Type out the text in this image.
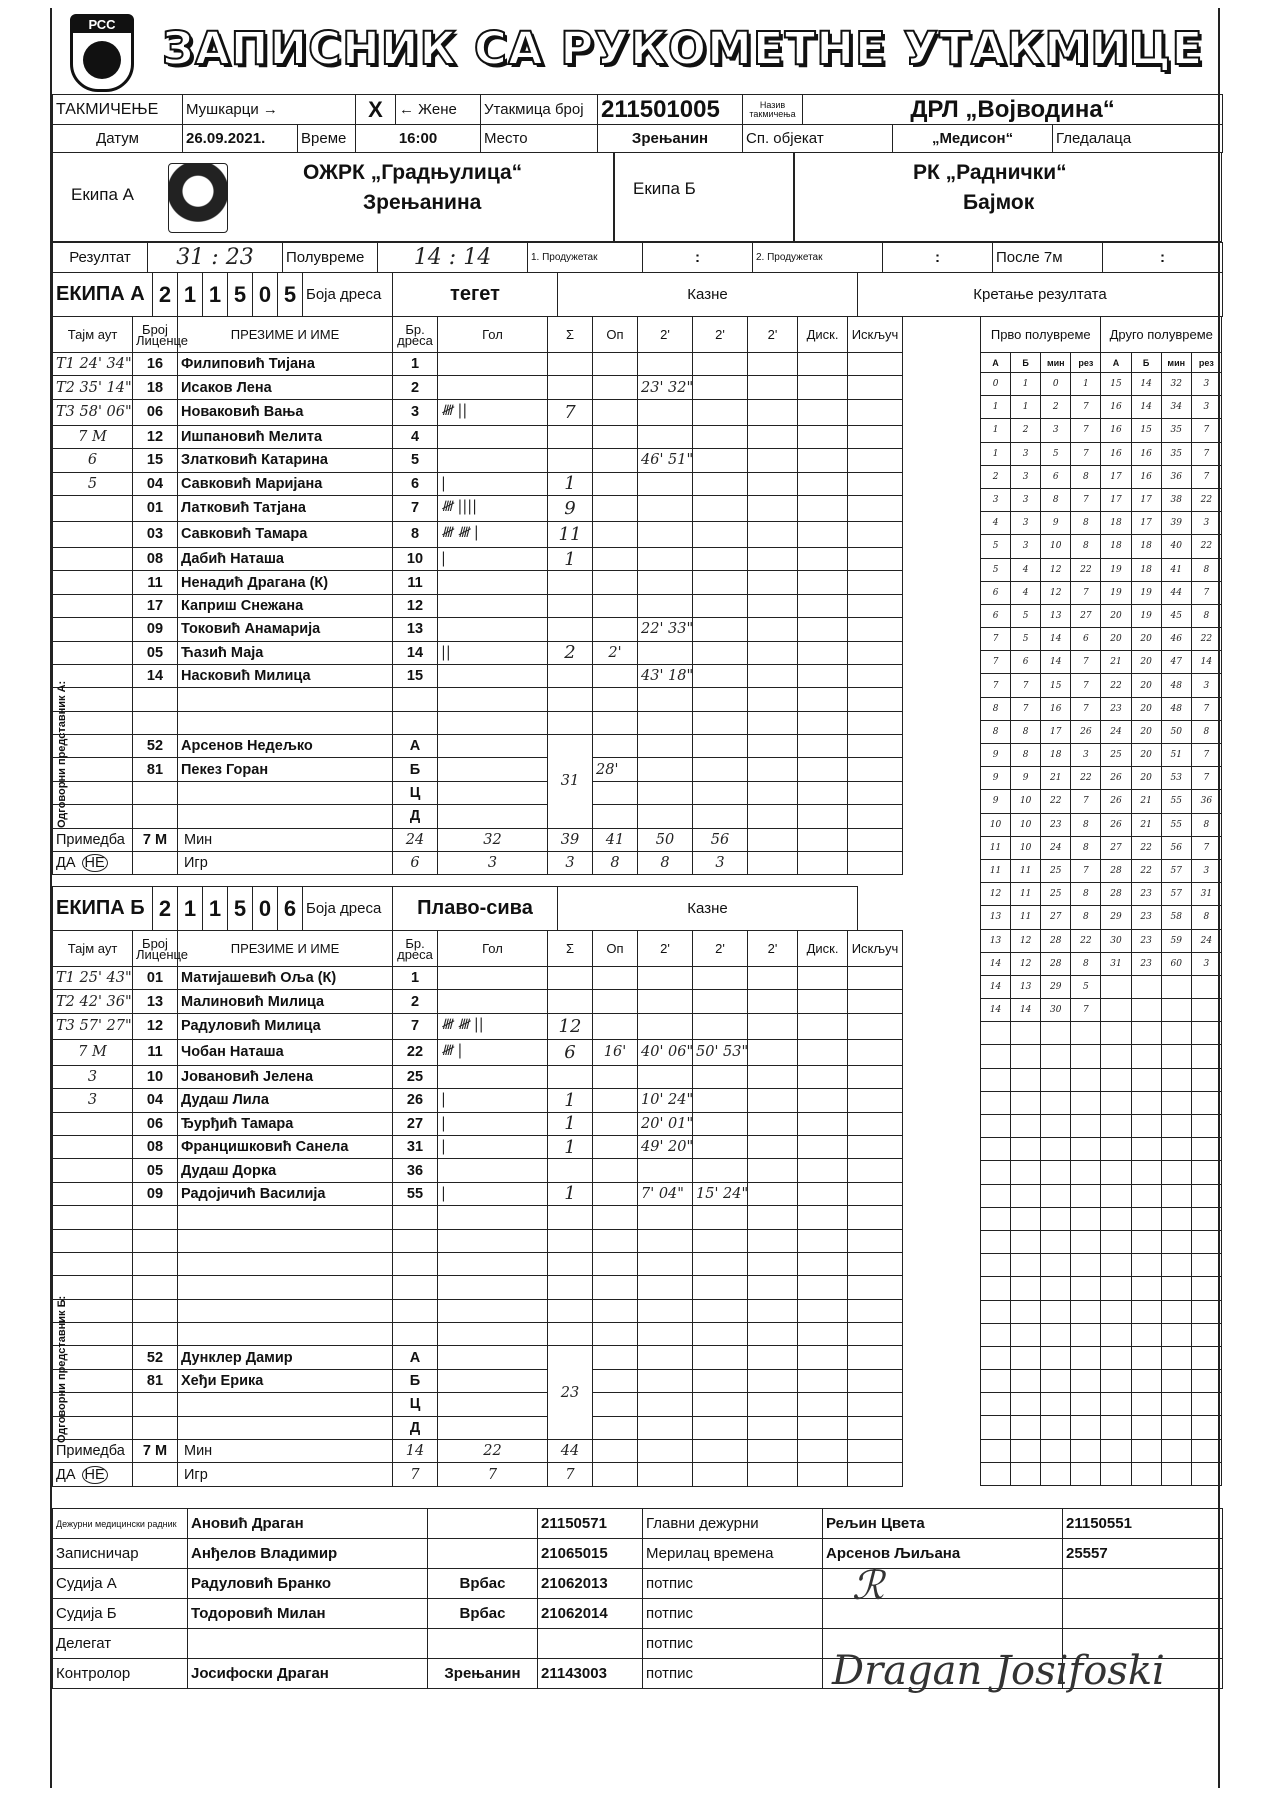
РСС	ЗАПИСНИК СА РУКОМЕТНЕ УТАКМИЦЕ
ТАКМИЧЕЊЕ	Мушкарци →		X	← Жене	Утакмица број	211501005	Назив такмичења	ДРЛ „Војводина“		
Датум	26.09.2021.	Време	16:00		Место	Зрењанин	Сп. објекат		„Медисон“	Гледалаца
Екипа А
ОЖРК „Градњулица“
Зрењанина
Екипа Б
РК „Раднички“
Бајмок
Резултат	31 : 23	Полувреме	14 : 14	1. Продужетак	:	2. Продужетак	:	После 7м	:
ЕКИПА А	2	1	1	5	0	5	Боја дреса	тегет	Казне	Кретање резултата
Тајм аут	Број Лиценце	ПРЕЗИМЕ И ИМЕ	Бр. дреса	Гол	Σ	Оп	2'	2'	2'	Диск.	Искључ
Т1 24' 34"	16	Филиповић Тијана	1								
Т2 35' 14"	18	Исаков Лена	2				23' 32"				
Т3 58' 06"	06	Новаковић Вања	3	𝍸 ||	7						
7 М	12	Ишпановић Мелита	4								
6	15	Златковић Катарина	5				46' 51"				
5	04	Савковић Маријана	6	|	1						
	01	Латковић Татјана	7	𝍸 ||||	9						
	03	Савковић Тамара	8	𝍸 𝍸 |	11						
	08	Дабић Наташа	10	|	1						
	11	Ненадић Драгана (К)	11								
	17	Каприш Снежана	12								
	09	Токовић Анамарија	13				22' 33"				
	05	Ћазић Маја	14	||	2	2'					
	14	Насковић Милица	15				43' 18"				

	52	Арсенов Недељко	А		31						
	81	Пекез Горан	Б			28'					
			Ц								
			Д								
Примедба	7 М	Мин	24	32	39	41	50	56			
ДА НЕ		Игр	6	3	3	8	8	3			
Тајм аут	Број Лиценце	ПРЕЗИМЕ И ИМЕ	Бр. дреса	Гол	Σ	Оп	2'	2'	2'	Диск.	Искључ
Т1 25' 43"	01	Матијашевић Оља (К)	1								
Т2 42' 36"	13	Малиновић Милица	2								
Т3 57' 27"	12	Радуловић Милица	7	𝍸 𝍸 ||	12						
7 М	11	Чобан Наташа	22	𝍸 |	6	16'	40' 06"	50' 53"			
3	10	Јовановић Јелена	25								
3	04	Дудаш Лила	26	|	1		10' 24"				
	06	Ђурђић Тамара	27	|	1		20' 01"				
	08	Францишковић Санела	31	|	1		49' 20"				
	05	Дудаш Дорка	36								
	09	Радојичић Василија	55	|	1		7' 04"	15' 24"			

	52	Дунклер Дамир	А		23						
	81	Хеђи Ерика	Б								
			Ц								
			Д								
Примедба	7 М	Мин	14	22	44						
ДА НЕ		Игр	7	7	7						
ЕКИПА Б	2	1	1	5	0	6	Боја дреса	Плаво-сива	Казне
Прво полувреме				Друго полувреме			
А	Б	мин	рез	А	Б	мин	рез
0	1	0	1	15	14	32	3
1	1	2	7	16	14	34	3
1	2	3	7	16	15	35	7
1	3	5	7	16	16	35	7
2	3	6	8	17	16	36	7
3	3	8	7	17	17	38	22
4	3	9	8	18	17	39	3
5	3	10	8	18	18	40	22
5	4	12	22	19	18	41	8
6	4	12	7	19	19	44	7
6	5	13	27	20	19	45	8
7	5	14	6	20	20	46	22
7	6	14	7	21	20	47	14
7	7	15	7	22	20	48	3
8	7	16	7	23	20	48	7
8	8	17	26	24	20	50	8
9	8	18	3	25	20	51	7
9	9	21	22	26	20	53	7
9	10	22	7	26	21	55	36
10	10	23	8	26	21	55	8
11	10	24	8	27	22	56	7
11	11	25	7	28	22	57	3
12	11	25	8	28	23	57	31
13	11	27	8	29	23	58	8
13	12	28	22	30	23	59	24
14	12	28	8	31	23	60	3
14	13	29	5				
14	14	30	7				

Одговорни представник А:
Одговорни представник Б:
Дежурни медицински радник	Ановић Драган		21150571	Главни дежурни	Рељин Цвета	21150551
Записничар	Анђелов Владимир		21065015	Мерилац времена	Арсенов Љиљана	25557
Судија А	Радуловић Бранко	Врбас	21062013	потпис		
Судија Б	Тодоровић Милан	Врбас	21062014	потпис		
Делегат				потпис		
Контролор	Јосифоски Драган	Зрењанин	21143003	потпис			Dragan Josifoski
ℛ
